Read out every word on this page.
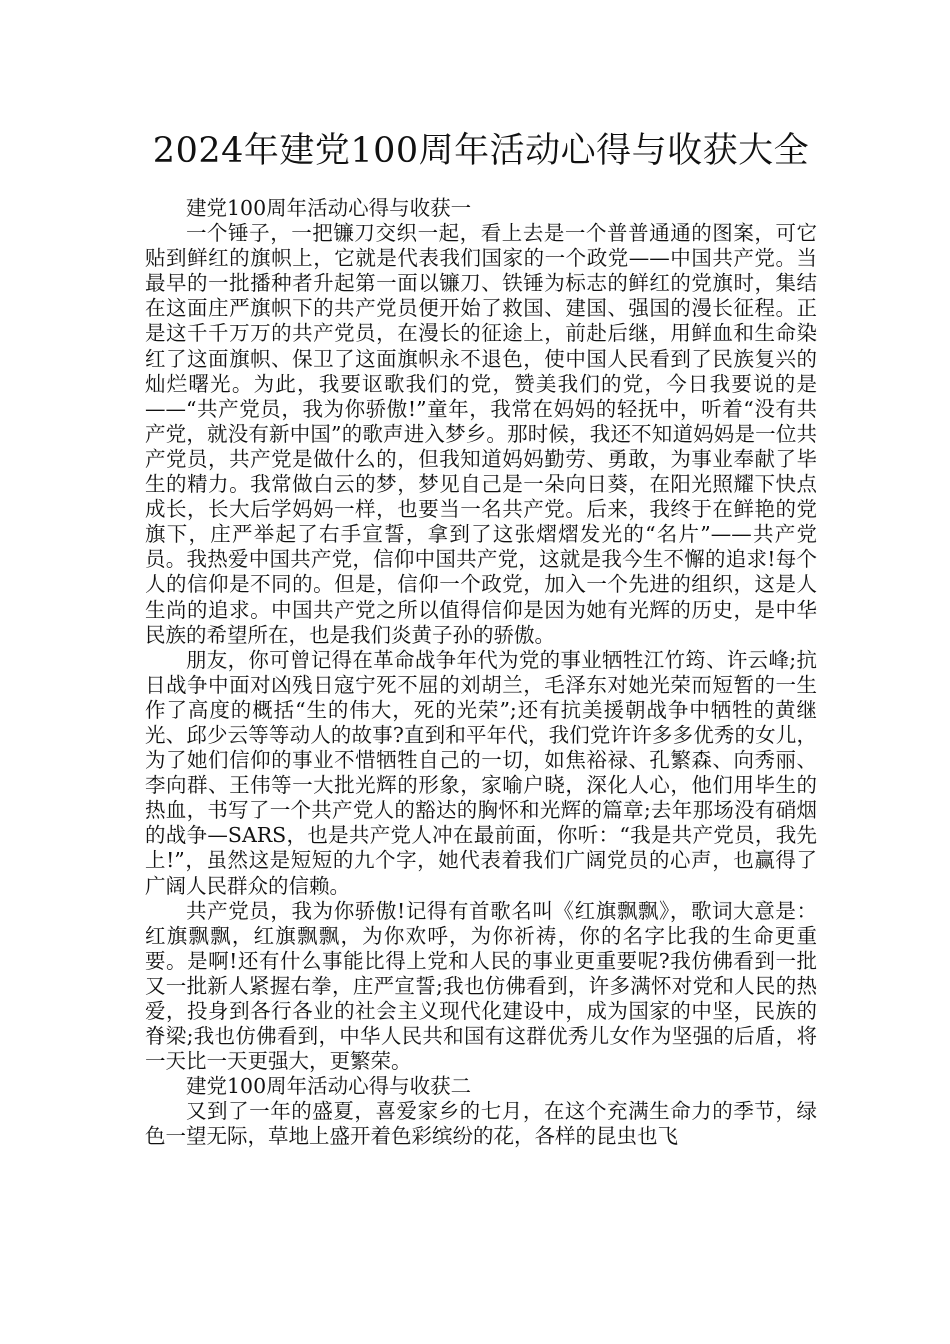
2024年建党100周年活动心得与收获大全

建党100周年活动心得与收获一

一个锤子，一把镰刀交织一起，看上去是一个普普通通的图案，可它贴到鲜红的旗帜上，它就是代表我们国家的一个政党——中国共产党。当最早的一批播种者升起第一面以镰刀、铁锤为标志的鲜红的党旗时，集结在这面庄严旗帜下的共产党员便开始了救国、建国、强国的漫长征程。正是这千千万万的共产党员，在漫长的征途上，前赴后继，用鲜血和生命染红了这面旗帜、保卫了这面旗帜永不退色，使中国人民看到了民族复兴的灿烂曙光。为此，我要讴歌我们的党，赞美我们的党，今日我要说的是——“共产党员，我为你骄傲!”童年，我常在妈妈的轻抚中，听着“没有共产党，就没有新中国”的歌声进入梦乡。那时候，我还不知道妈妈是一位共产党员，共产党是做什么的，但我知道妈妈勤劳、勇敢，为事业奉献了毕生的精力。我常做白云的梦，梦见自己是一朵向日葵，在阳光照耀下快点成长，长大后学妈妈一样，也要当一名共产党。后来，我终于在鲜艳的党旗下，庄严举起了右手宣誓，拿到了这张熠熠发光的“名片”——共产党员。我热爱中国共产党，信仰中国共产党，这就是我今生不懈的追求!每个人的信仰是不同的。但是，信仰一个政党，加入一个先进的组织，这是人生尚的追求。中国共产党之所以值得信仰是因为她有光辉的历史，是中华民族的希望所在，也是我们炎黄子孙的骄傲。

朋友，你可曾记得在革命战争年代为党的事业牺牲江竹筠、许云峰;抗日战争中面对凶残日寇宁死不屈的刘胡兰，毛泽东对她光荣而短暂的一生作了高度的概括“生的伟大，死的光荣”;还有抗美援朝战争中牺牲的黄继光、邱少云等等动人的故事?直到和平年代，我们党许许多多优秀的女儿，为了她们信仰的事业不惜牺牲自己的一切，如焦裕禄、孔繁森、向秀丽、李向群、王伟等一大批光辉的形象，家喻户晓，深化人心，他们用毕生的热血，书写了一个共产党人的豁达的胸怀和光辉的篇章;去年那场没有硝烟的战争—SARS，也是共产党人冲在最前面，你听：“我是共产党员，我先上!”，虽然这是短短的九个字，她代表着我们广阔党员的心声，也赢得了广阔人民群众的信赖。

共产党员，我为你骄傲!记得有首歌名叫《红旗飘飘》，歌词大意是：红旗飘飘，红旗飘飘，为你欢呼，为你祈祷，你的名字比我的生命更重要。是啊!还有什么事能比得上党和人民的事业更重要呢?我仿佛看到一批又一批新人紧握右拳，庄严宣誓;我也仿佛看到，许多满怀对党和人民的热爱，投身到各行各业的社会主义现代化建设中，成为国家的中坚，民族的脊梁;我也仿佛看到，中华人民共和国有这群优秀儿女作为坚强的后盾，将一天比一天更强大，更繁荣。

建党100周年活动心得与收获二

又到了一年的盛夏，喜爱家乡的七月，在这个充满生命力的季节，绿色一望无际，草地上盛开着色彩缤纷的花，各样的昆虫也飞
